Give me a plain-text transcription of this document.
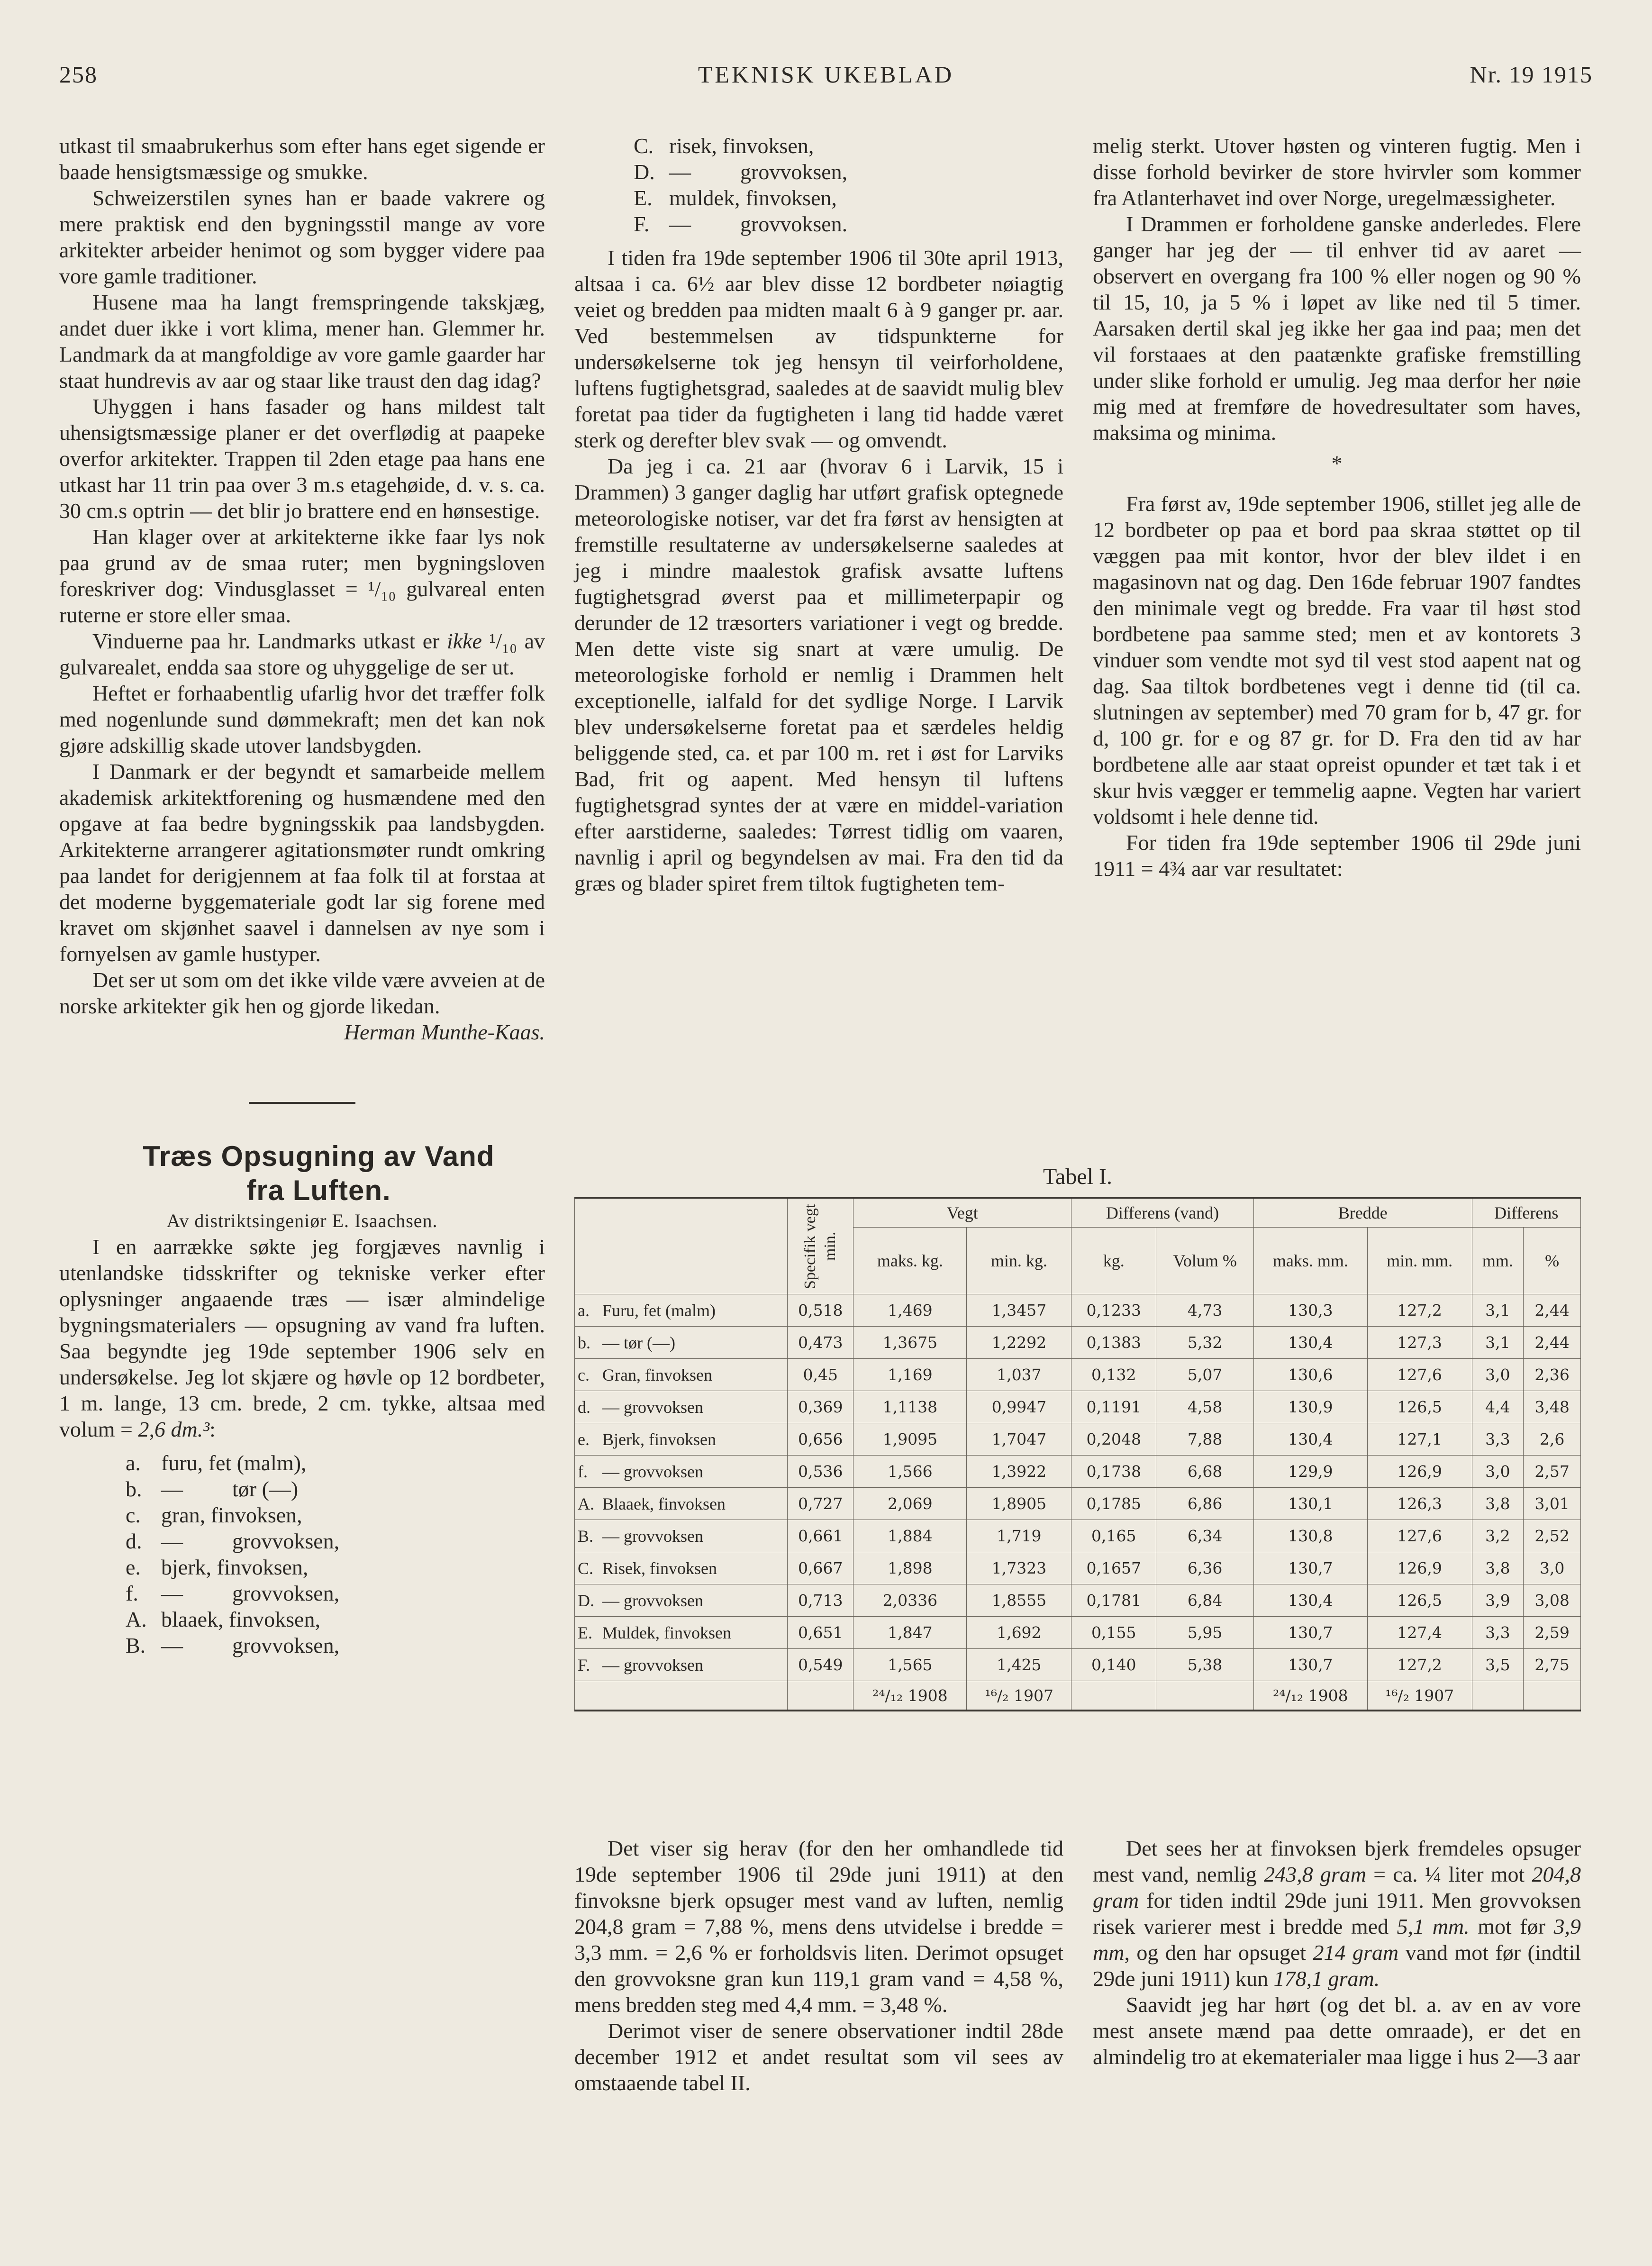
258	TEKNISK UKEBLAD	Nr. 19 1915

utkast til smaabrukerhus som efter hans eget sigende er baade hensigtsmæssige og smukke.

Schweizerstilen synes han er baade vakrere og mere praktisk end den bygningsstil mange av vore arkitekter arbeider henimot og som bygger videre paa vore gamle traditioner.

Husene maa ha langt fremspringende takskjæg, andet duer ikke i vort klima, mener han. Glemmer hr. Landmark da at mangfoldige av vore gamle gaarder har staat hundrevis av aar og staar like traust den dag idag?

Uhyggen i hans fasader og hans mildest talt uhensigtsmæssige planer er det overflødig at paapeke overfor arkitekter. Trappen til 2den etage paa hans ene utkast har 11 trin paa over 3 m.s etagehøide, d. v. s. ca. 30 cm.s optrin — det blir jo brattere end en hønsestige.

Han klager over at arkitekterne ikke faar lys nok paa grund av de smaa ruter; men bygningsloven foreskriver dog: Vindusglasset = ¹/₁₀ gulvareal enten ruterne er store eller smaa.

Vinduerne paa hr. Landmarks utkast er ikke ¹/₁₀ av gulvarealet, endda saa store og uhyggelige de ser ut.

Heftet er forhaabentlig ufarlig hvor det træffer folk med nogenlunde sund dømmekraft; men det kan nok gjøre adskillig skade utover landsbygden.

I Danmark er der begyndt et samarbeide mellem akademisk arkitektforening og husmændene med den opgave at faa bedre bygningsskik paa landsbygden. Arkitekterne arrangerer agitationsmøter rundt omkring paa landet for derigjennem at faa folk til at forstaa at det moderne byggemateriale godt lar sig forene med kravet om skjønhet saavel i dannelsen av nye som i fornyelsen av gamle hustyper.

Det ser ut som om det ikke vilde være avveien at de norske arkitekter gik hen og gjorde likedan.

Herman Munthe-Kaas.

Træs Opsugning av Vand

fra Luften.

Av distriktsingeniør E. Isaachsen.

I en aarrække søkte jeg forgjæves navnlig i utenlandske tidsskrifter og tekniske verker efter oplysninger angaaende træs — især almindelige bygningsmaterialers — opsugning av vand fra luften. Saa begyndte jeg 19de september 1906 selv en undersøkelse. Jeg lot skjære og høvle op 12 bordbeter, 1 m. lange, 13 cm. brede, 2 cm. tykke, altsaa med volum = 2,6 dm.³:

a. furu, fet (malm),
b. —	tør (—)
c. gran, finvoksen,
d. —	grovvoksen,
e. bjerk, finvoksen,
f.	—	grovvoksen,
A. blaaek, finvoksen,
B. —	grovvoksen,
C. risek, finvoksen,
D. —	grovvoksen,
E. muldek, finvoksen,
F. —	grovvoksen.

I tiden fra 19de september 1906 til 30te april 1913, altsaa i ca. 6½ aar blev disse 12 bordbeter nøiagtig veiet og bredden paa midten maalt 6 à 9 ganger pr. aar. Ved bestemmelsen av tidspunkterne for undersøkelserne tok jeg hensyn til veirforholdene, luftens fugtighetsgrad, saaledes at de saavidt mulig blev foretat paa tider da fugtigheten i lang tid hadde været sterk og derefter blev svak — og omvendt.

Da jeg i ca. 21 aar (hvorav 6 i Larvik, 15 i Drammen) 3 ganger daglig har utført grafisk optegnede meteorologiske notiser, var det fra først av hensigten at fremstille resultaterne av undersøkelserne saaledes at jeg i mindre maalestok grafisk avsatte luftens fugtighetsgrad øverst paa et millimeterpapir og derunder de 12 træsorters variationer i vegt og bredde. Men dette viste sig snart at være umulig. De meteorologiske forhold er nemlig i Drammen helt exceptionelle, ialfald for det sydlige Norge. I Larvik blev undersøkelserne foretat paa et særdeles heldig beliggende sted, ca. et par 100 m. ret i øst for Larviks Bad, frit og aapent. Med hensyn til luftens fugtighetsgrad syntes der at være en middel-variation efter aarstiderne, saaledes: Tørrest tidlig om vaaren, navnlig i april og begyndelsen av mai. Fra den tid da græs og blader spiret frem tiltok fugtigheten tem-

melig sterkt. Utover høsten og vinteren fugtig. Men i disse forhold bevirker de store hvirvler som kommer fra Atlanterhavet ind over Norge, uregelmæssigheter.

I Drammen er forholdene ganske anderledes. Flere ganger har jeg der — til enhver tid av aaret — observert en overgang fra 100 % eller nogen og 90 % til 15, 10, ja 5 % i løpet av like ned til 5 timer. Aarsaken dertil skal jeg ikke her gaa ind paa; men det vil forstaaes at den paatænkte grafiske fremstilling under slike forhold er umulig. Jeg maa derfor her nøie mig med at fremføre de hovedresultater som haves, maksima og minima.

*

Fra først av, 19de september 1906, stillet jeg alle de 12 bordbeter op paa et bord paa skraa støttet op til væggen paa mit kontor, hvor der blev ildet i en magasinovn nat og dag. Den 16de februar 1907 fandtes den minimale vegt og bredde. Fra vaar til høst stod bordbetene paa samme sted; men et av kontorets 3 vinduer som vendte mot syd til vest stod aapent nat og dag. Saa tiltok bordbetenes vegt i denne tid (til ca. slutningen av september) med 70 gram for b, 47 gr. for d, 100 gr. for e og 87 gr. for D. Fra den tid av har bordbetene alle aar staat opreist opunder et tæt tak i et skur hvis vægger er temmelig aapne. Vegten har variert voldsomt i hele denne tid.

For tiden fra 19de september 1906 til 29de juni 1911 = 4¾ aar var resultatet:

Tabel I.

		Specifik vegt min.	Vegt		Differens (vand)		Bredde		Differens	
			maks. kg.	min. kg.	kg.	Volum %	maks. mm.	min. mm.	mm.	%
a.	Furu, fet (malm)	0,518	1,469	1,3457	0,1233	4,73	130,3	127,2	3,1	2,44
b.	— tør (—)	0,473	1,3675	1,2292	0,1383	5,32	130,4	127,3	3,1	2,44
c.	Gran, finvoksen	0,45	1,169	1,037	0,132	5,07	130,6	127,6	3,0	2,36
d.	— grovvoksen	0,369	1,1138	0,9947	0,1191	4,58	130,9	126,5	4,4	3,48
e.	Bjerk, finvoksen	0,656	1,9095	1,7047	0,2048	7,88	130,4	127,1	3,3	2,6
f.	— grovvoksen	0,536	1,566	1,3922	0,1738	6,68	129,9	126,9	3,0	2,57
A.	Blaaek, finvoksen	0,727	2,069	1,8905	0,1785	6,86	130,1	126,3	3,8	3,01
B.	— grovvoksen	0,661	1,884	1,719	0,165	6,34	130,8	127,6	3,2	2,52
C.	Risek, finvoksen	0,667	1,898	1,7323	0,1657	6,36	130,7	126,9	3,8	3,0
D.	— grovvoksen	0,713	2,0336	1,8555	0,1781	6,84	130,4	126,5	3,9	3,08
E.	Muldek, finvoksen	0,651	1,847	1,692	0,155	5,95	130,7	127,4	3,3	2,59
F.	— grovvoksen	0,549	1,565	1,425	0,140	5,38	130,7	127,2	3,5	2,75
			²⁴/₁₂ 1908	¹⁶/₂ 1907			²⁴/₁₂ 1908	¹⁶/₂ 1907		

Det viser sig herav (for den her omhandlede tid 19de september 1906 til 29de juni 1911) at den finvoksne bjerk opsuger mest vand av luften, nemlig 204,8 gram = 7,88 %, mens dens utvidelse i bredde = 3,3 mm. = 2,6 % er forholdsvis liten. Derimot opsuget den grovvoksne gran kun 119,1 gram vand = 4,58 %, mens bredden steg med 4,4 mm. = 3,48 %.

Derimot viser de senere observationer indtil 28de december 1912 et andet resultat som vil sees av omstaaende tabel II.

Det sees her at finvoksen bjerk fremdeles opsuger mest vand, nemlig 243,8 gram = ca. ¼ liter mot 204,8 gram for tiden indtil 29de juni 1911. Men grovvoksen risek varierer mest i bredde med 5,1 mm. mot før 3,9 mm, og den har opsuget 214 gram vand mot før (indtil 29de juni 1911) kun 178,1 gram.

Saavidt jeg har hørt (og det bl. a. av en av vore mest ansete mænd paa dette omraade), er det en almindelig tro at ekematerialer maa ligge i hus 2—3 aar
